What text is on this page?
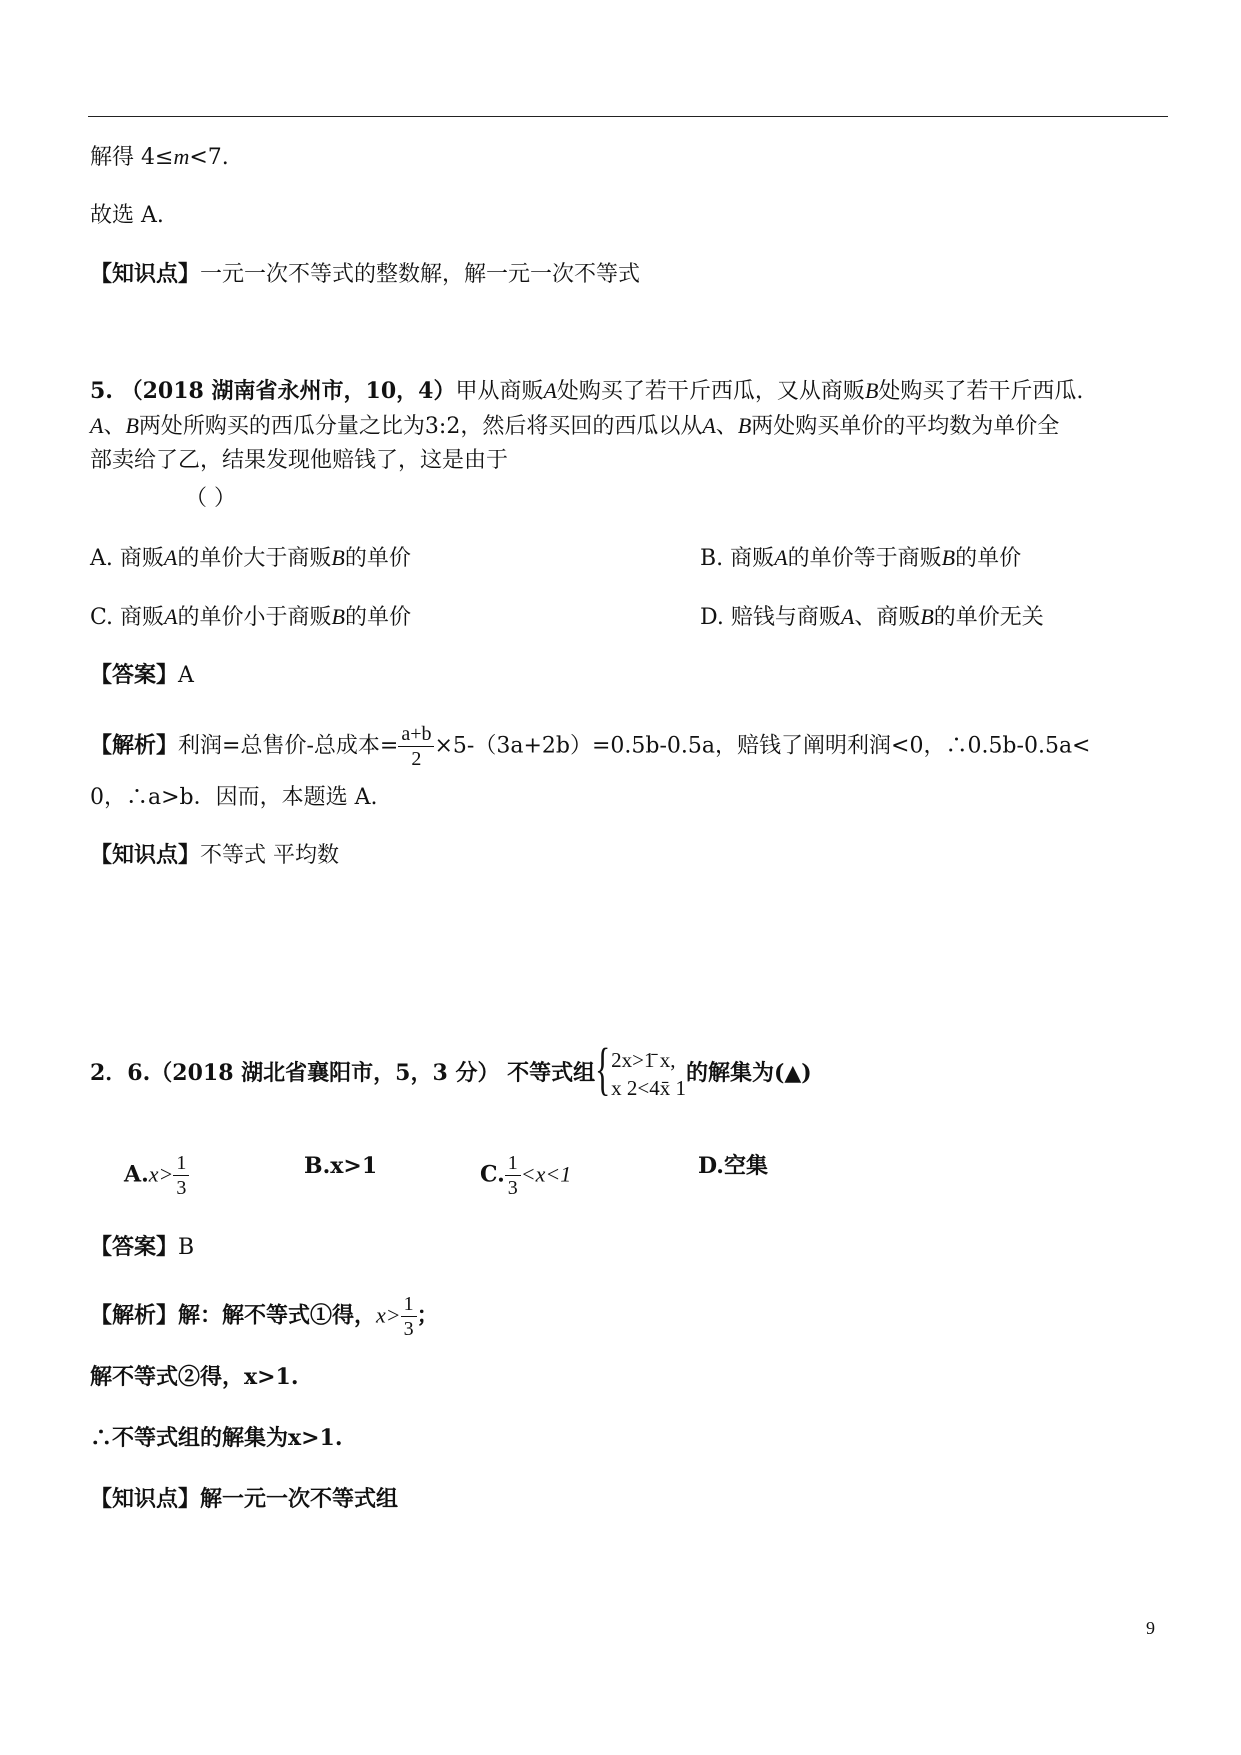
解得 4≤m<7.
故选 A.
【知识点】一元一次不等式的整数解，解一元一次不等式
5. （2018 湖南省永州市，10，4）甲从商贩A处购买了若干斤西瓜，又从商贩B处购买了若干斤西瓜.
A、B两处所购买的西瓜分量之比为3:2，然后将买回的西瓜以从A、B两处购买单价的平均数为单价全
部卖给了乙，结果发现他赔钱了，这是由于
（ ）
A. 商贩A的单价大于商贩B的单价	B. 商贩A的单价等于商贩B的单价
C. 商贩A的单价小于商贩B的单价	D. 赔钱与商贩A、商贩B的单价无关
【答案】A
【解析】利润=总售价-总成本= $\frac{a+b}{2} \times 5-(3a+2b)=0.5b-0.5a$，赔钱了阐明利润<0，∴0.5b-0.5a<
0，∴a>b．因而，本题选 A.
【知识点】不等式 平均数
2．6.（2018 湖北省襄阳市，5，3 分） 不等式组 { 2x>1̄ x,
x 2<4x̄ 1
的解集为(▲)
$A.x> \frac{1}{3}$	B.x>1	C. $\frac{1}{3} <x<1$	D.空集
【答案】B
【解析】解：解不等式①得，$x> \frac{1}{3}$ ；
解不等式②得，x>1.
∴不等式组的解集为x>1.
【知识点】解一元一次不等式组
9
